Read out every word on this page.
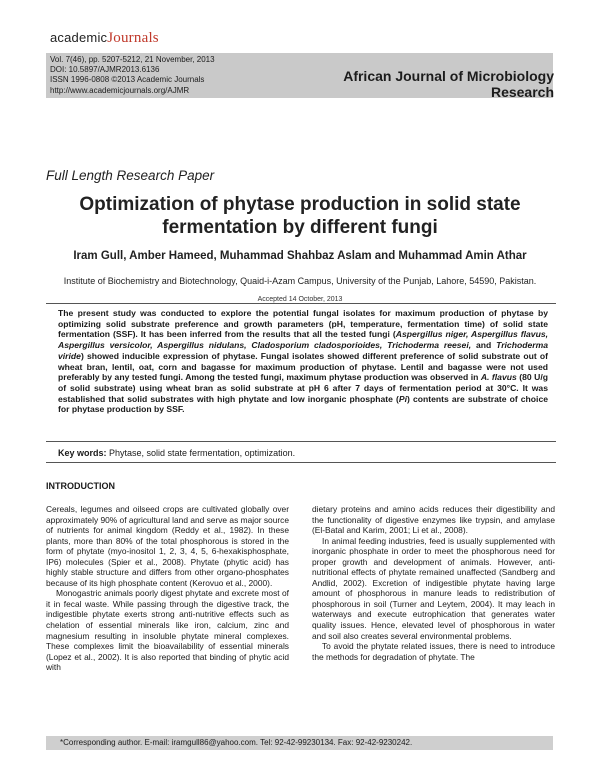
academicJournals
Vol. 7(46), pp. 5207-5212, 21 November, 2013
DOI: 10.5897/AJMR2013.6136
ISSN 1996-0808 ©2013 Academic Journals
http://www.academicjournals.org/AJMR
African Journal of Microbiology Research
Full Length Research Paper
Optimization of phytase production in solid state fermentation by different fungi
Iram Gull, Amber Hameed, Muhammad Shahbaz Aslam and Muhammad Amin Athar
Institute of Biochemistry and Biotechnology, Quaid-i-Azam Campus, University of the Punjab, Lahore, 54590, Pakistan.
Accepted 14 October, 2013
The present study was conducted to explore the potential fungal isolates for maximum production of phytase by optimizing solid substrate preference and growth parameters (pH, temperature, fermentation time) of solid state fermentation (SSF). It has been inferred from the results that all the tested fungi (Aspergillus niger, Aspergillus flavus, Aspergillus versicolor, Aspergillus nidulans, Cladosporium cladosporioides, Trichoderma reesei, and Trichoderma viride) showed inducible expression of phytase. Fungal isolates showed different preference of solid substrate out of wheat bran, lentil, oat, corn and bagasse for maximum production of phytase. Lentil and bagasse were not used preferably by any tested fungi. Among the tested fungi, maximum phytase production was observed in A. flavus (80 U/g of solid substrate) using wheat bran as solid substrate at pH 6 after 7 days of fermentation period at 30°C. It was established that solid substrates with high phytate and low inorganic phosphate (Pi) contents are substrate of choice for phytase production by SSF.
Key words: Phytase, solid state fermentation, optimization.
INTRODUCTION

Cereals, legumes and oilseed crops are cultivated globally over approximately 90% of agricultural land and serve as major source of nutrients for animal kingdom (Reddy et al., 1982). In these plants, more than 80% of the total phosphorous is stored in the form of phytate (myo-inositol 1, 2, 3, 4, 5, 6-hexakisphosphate, IP6) molecules (Spier et al., 2008). Phytate (phytic acid) has highly stable structure and differs from other organo-phosphates because of its high phosphate content (Kerovuo et al., 2000).

Monogastric animals poorly digest phytate and excrete most of it in fecal waste. While passing through the digestive track, the indigestible phytate exerts strong anti-nutritive effects such as chelation of essential minerals like iron, calcium, zinc and magnesium resulting in insoluble phytate mineral complexes. These complexes limit the bioavailability of essential minerals (Lopez et al., 2002). It is also reported that binding of phytic acid with

dietary proteins and amino acids reduces their digestibility and the functionality of digestive enzymes like trypsin, and amylase (El-Batal and Karim, 2001; Li et al., 2008).

In animal feeding industries, feed is usually supplemented with inorganic phosphate in order to meet the phosphorous need for proper growth and development of animals. However, anti-nutritional effects of phytate remained unaffected (Sandberg and Andlid, 2002). Excretion of indigestible phytate having large amount of phosphorous in manure leads to redistribution of phosphorous in soil (Turner and Leytem, 2004). It may leach in waterways and execute eutrophication that generates water quality issues. Hence, elevated level of phosphorous in water and soil also creates several environmental problems.

To avoid the phytate related issues, there is need to introduce the methods for degradation of phytate. The

*Corresponding author. E-mail: iramgull86@yahoo.com. Tel: 92-42-99230134. Fax: 92-42-9230242.
